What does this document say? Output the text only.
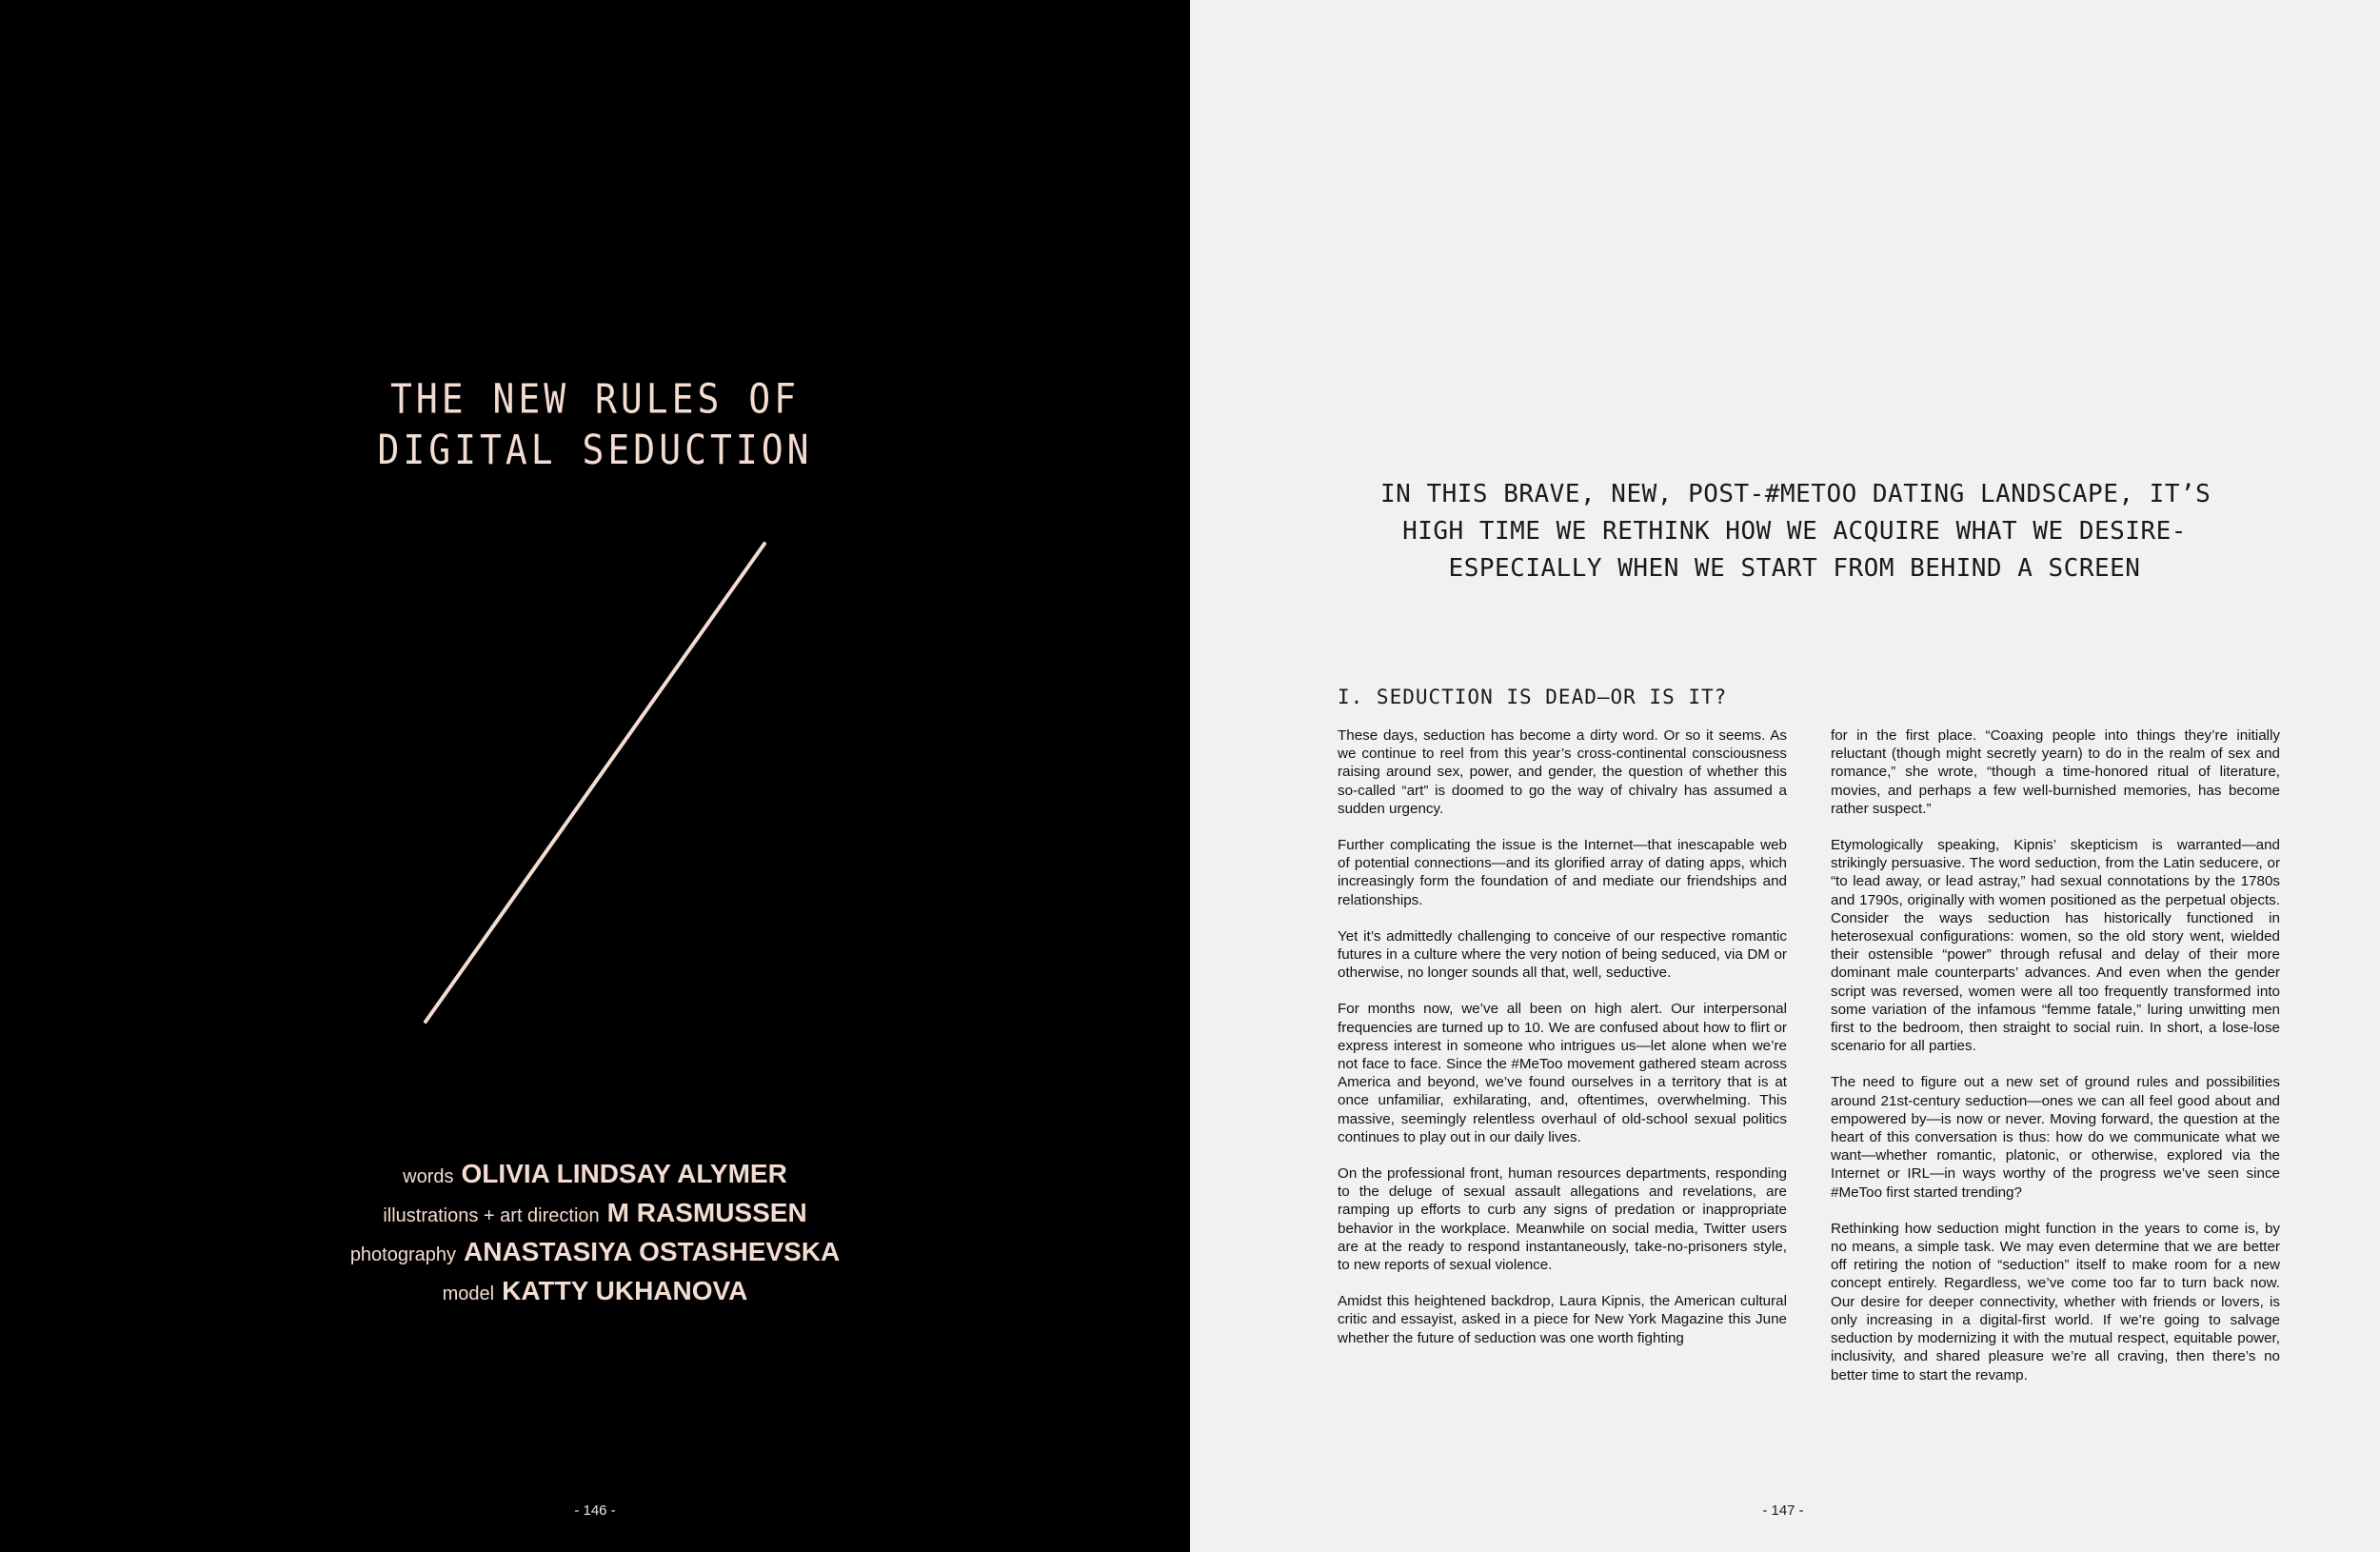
THE NEW RULES OF
DIGITAL SEDUCTION
words OLIVIA LINDSAY ALYMER
illustrations + art direction M RASMUSSEN
photography ANASTASIYA OSTASHEVSKA
model KATTY UKHANOVA
- 146 -
IN THIS BRAVE, NEW, POST-#METOO DATING LANDSCAPE, IT’S
HIGH TIME WE RETHINK HOW WE ACQUIRE WHAT WE DESIRE-
ESPECIALLY WHEN WE START FROM BEHIND A SCREEN
I. SEDUCTION IS DEAD–OR IS IT?

These days, seduction has become a dirty word. Or so it seems. As we continue to reel from this year’s cross-continental consciousness raising around sex, power, and gender, the question of whether this so-called “art” is doomed to go the way of chivalry has assumed a sudden urgency.

Further complicating the issue is the Internet—that inescapable web of potential connections—and its glorified array of dating apps, which increasingly form the foundation of and mediate our friendships and relationships.

Yet it’s admittedly challenging to conceive of our respective romantic futures in a culture where the very notion of being seduced, via DM or otherwise, no longer sounds all that, well, seductive.

For months now, we’ve all been on high alert. Our interpersonal frequencies are turned up to 10. We are confused about how to flirt or express interest in someone who intrigues us—let alone when we’re not face to face. Since the #MeToo movement gathered steam across America and beyond, we’ve found ourselves in a territory that is at once unfamiliar, exhilarating, and, oftentimes, overwhelming. This massive, seemingly relentless overhaul of old-school sexual politics continues to play out in our daily lives.

On the professional front, human resources departments, responding to the deluge of sexual assault allegations and revelations, are ramping up efforts to curb any signs of predation or inappropriate behavior in the workplace. Meanwhile on social media, Twitter users are at the ready to respond instantaneously, take-no-prisoners style, to new reports of sexual violence.

Amidst this heightened backdrop, Laura Kipnis, the American cultural critic and essayist, asked in a piece for New York Magazine this June whether the future of seduction was one worth fighting

for in the first place. “Coaxing people into things they’re initially reluctant (though might secretly yearn) to do in the realm of sex and romance,” she wrote, “though a time-honored ritual of literature, movies, and perhaps a few well-burnished memories, has become rather suspect.”

Etymologically speaking, Kipnis’ skepticism is warranted—and strikingly persuasive. The word seduction, from the Latin seducere, or “to lead away, or lead astray,” had sexual connotations by the 1780s and 1790s, originally with women positioned as the perpetual objects. Consider the ways seduction has historically functioned in heterosexual configurations: women, so the old story went, wielded their ostensible “power” through refusal and delay of their more dominant male counterparts’ advances. And even when the gender script was reversed, women were all too frequently transformed into some variation of the infamous “femme fatale,” luring unwitting men first to the bedroom, then straight to social ruin. In short, a lose-lose scenario for all parties.

The need to figure out a new set of ground rules and possibilities around 21st-century seduction—ones we can all feel good about and empowered by—is now or never. Moving forward, the question at the heart of this conversation is thus: how do we communicate what we want—whether romantic, platonic, or otherwise, explored via the Internet or IRL—in ways worthy of the progress we’ve seen since #MeToo first started trending?

Rethinking how seduction might function in the years to come is, by no means, a simple task. We may even determine that we are better off retiring the notion of “seduction” itself to make room for a new concept entirely. Regardless, we’ve come too far to turn back now. Our desire for deeper connectivity, whether with friends or lovers, is only increasing in a digital-first world. If we’re going to salvage seduction by modernizing it with the mutual respect, equitable power, inclusivity, and shared pleasure we’re all craving, then there’s no better time to start the revamp.

- 147 -
